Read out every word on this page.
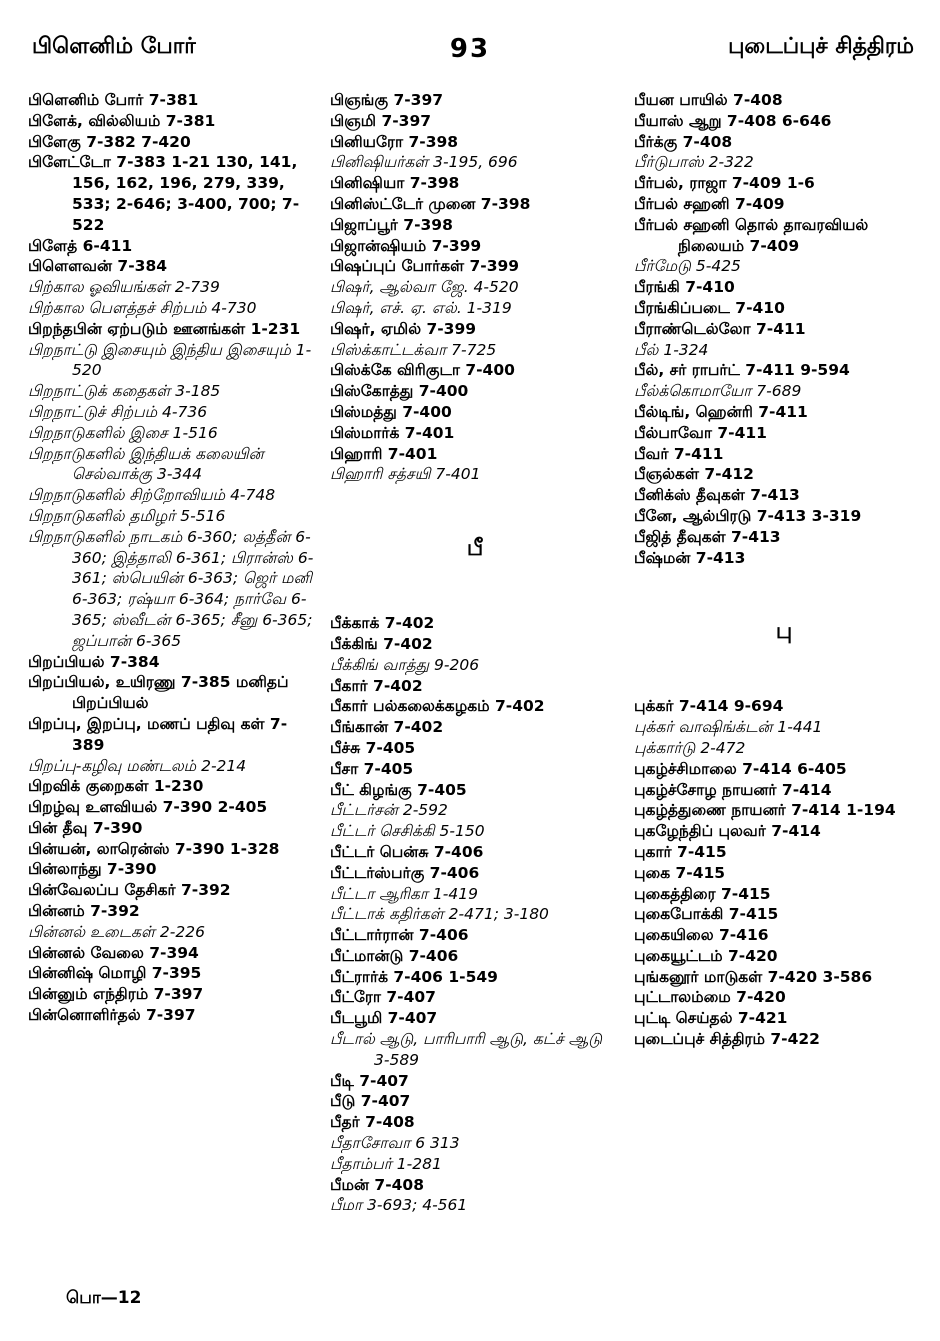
பிளெனிம் போர்	93	புடைப்புச் சித்திரம்

பிளெனிம் போர் 7-381

பிளேக், வில்லியம் 7-381

பிளேகு 7-382 7-420

பிளேட்டோ 7-383 1-21 130, 141, 156, 162, 196, 279, 339, 533; 2-646; 3-400, 700; 7-522

பிளேத் 6-411

பிளௌவன் 7-384

பிற்கால ஓவியங்கள் 2-739

பிற்கால பௌத்தச் சிற்பம் 4-730

பிறந்தபின் ஏற்படும் ஊனங்கள் 1-231

பிறநாட்டு இசையும் இந்திய இசையும் 1-520

பிறநாட்டுக் கதைகள் 3-185

பிறநாட்டுச் சிற்பம் 4-736

பிறநாடுகளில் இசை 1-516

பிறநாடுகளில் இந்தியக் கலையின் செல்வாக்கு 3-344

பிறநாடுகளில் சிற்றோவியம் 4-748

பிறநாடுகளில் தமிழர் 5-516

பிறநாடுகளில் நாடகம் 6-360; லத்தீன் 6-360; இத்தாலி 6-361; பிரான்ஸ் 6-361; ஸ்பெயின் 6-363; ஜெர் மனி 6-363; ரஷ்யா 6-364; நார்வே 6-365; ஸ்வீடன் 6-365; சீனு 6-365; ஜப்பான் 6-365

பிறப்பியல் 7-384

பிறப்பியல், உயிரணு 7-385 மனிதப் பிறப்பியல்

பிறப்பு, இறப்பு, மணப் பதிவு கள் 7-389

பிறப்பு-கழிவு மண்டலம் 2-214

பிறவிக் குறைகள் 1-230

பிறழ்வு உளவியல் 7-390 2-405

பின் தீவு 7-390

பின்யன், லாரென்ஸ் 7-390 1-328

பின்லாந்து 7-390

பின்வேலப்ப தேசிகர் 7-392

பின்னம் 7-392

பின்னல் உடைகள் 2-226

பின்னல் வேலை 7-394

பின்னிஷ் மொழி 7-395

பின்னும் எந்திரம் 7-397

பின்னொளிர்தல் 7-397

பிஞங்கு 7-397

பிஞமி 7-397

பினியரோ 7-398

பினிஷியர்கள் 3-195, 696

பினிஷியா 7-398

பினிஸ்ட்டேர் முனை 7-398

பிஜாப்பூர் 7-398

பிஜான்ஷியம் 7-399

பிஷப்புப் போர்கள் 7-399

பிஷர், ஆல்வா ஜே. 4-520

பிஷர், எச். ஏ. எல். 1-319

பிஷர், ஏமில் 7-399

பிஸ்க்காட்டக்வா 7-725

பிஸ்க்கே விரிகுடா 7-400

பிஸ்கோத்து 7-400

பிஸ்மத்து 7-400

பிஸ்மார்க் 7-401

பிஹாரி 7-401

பிஹாரி சத்சயி 7-401

பீ

பீக்காக் 7-402

பீக்கிங் 7-402

பீக்கிங் வாத்து 9-206

பீகார் 7-402

பீகார் பல்கலைக்கழகம் 7-402

பீங்கான் 7-402

பீச்சு 7-405

பீசா 7-405

பீட் கிழங்கு 7-405

பீட்டர்சன் 2-592

பீட்டர் செசிக்கி 5-150

பீட்டர் பென்சு 7-406

பீட்டர்ஸ்பர்கு 7-406

பீட்டா ஆரிகா 1-419

பீட்டாக் கதிர்கள் 2-471; 3-180

பீட்டார்ரான் 7-406

பீட்மான்டு 7-406

பீட்ரார்க் 7-406 1-549

பீட்ரோ 7-407

பீடபூமி 7-407

பீடால் ஆடு, பாரிபாரி ஆடு, கட்ச் ஆடு 3-589

பீடி 7-407

பீடு 7-407

பீதர் 7-408

பீதாசோவா 6 313

பீதாம்பர் 1-281

பீமன் 7-408

பீமா 3-693; 4-561

பீயன பாயில் 7-408

பீயாஸ் ஆறு 7-408 6-646

பீர்க்கு 7-408

பீர்டுபாஸ் 2-322

பீர்பல், ராஜா 7-409 1-6

பீர்பல் சஹனி 7-409

பீர்பல் சஹனி தொல் தாவரவியல் நிலையம் 7-409

பீர்மேடு 5-425

பீரங்கி 7-410

பீரங்கிப்படை 7-410

பீராண்டெல்லோ 7-411

பீல் 1-324

பீல், சர் ராபர்ட் 7-411 9-594

பீல்க்கொமாயோ 7-689

பீல்டிங், ஹென்ரி 7-411

பீல்பாவோ 7-411

பீவர் 7-411

பீஞல்கள் 7-412

பீனிக்ஸ் தீவுகள் 7-413

பீனே, ஆல்பிரடு 7-413 3-319

பீஜித் தீவுகள் 7-413

பீஷ்மன் 7-413

பு

புக்கர் 7-414 9-694

புக்கர் வாஷிங்க்டன் 1-441

புக்கார்டு 2-472

புகழ்ச்சிமாலை 7-414 6-405

புகழ்ச்சோழ நாயனர் 7-414

புகழ்த்துணை நாயனர் 7-414 1-194

புகழேந்திப் புலவர் 7-414

புகார் 7-415

புகை 7-415

புகைத்திரை 7-415

புகைபோக்கி 7-415

புகையிலை 7-416

புகையூட்டம் 7-420

புங்கனூர் மாடுகள் 7-420 3-586

புட்டாலம்மை 7-420

புட்டி செய்தல் 7-421

புடைப்புச் சித்திரம் 7-422

பொ—12
